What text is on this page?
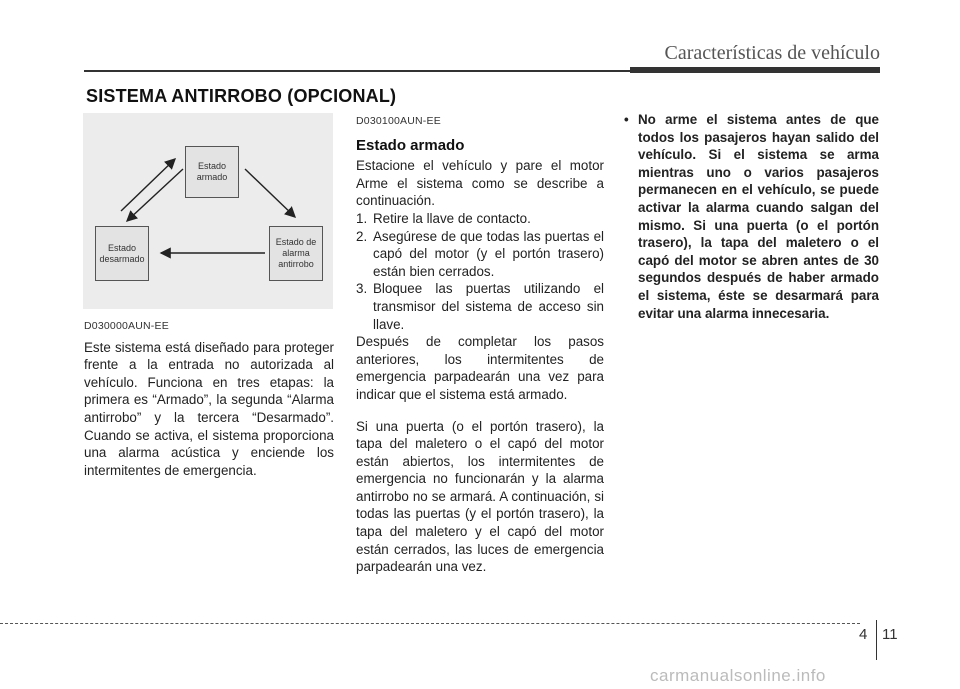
Características de vehículo
SISTEMA ANTIRROBO (OPCIONAL)
Estado armado
Estado desarmado
Estado de alarma antirrobo
D030000AUN-EE

Este sistema está diseñado para proteger frente a la entrada no autorizada al vehículo. Funciona en tres etapas: la primera es “Armado”, la segunda “Alarma antirrobo” y la tercera “Desarmado”. Cuando se activa, el sistema proporciona una alarma acústica y enciende los intermitentes de emergencia.

D030100AUN-EE
Estado armado

Estacione el vehículo y pare el motor Arme el sistema como se describe a continuación.

1. Retire la llave de contacto.
2. Asegúrese de que todas las puertas el capó del motor (y el portón trasero) están bien cerrados.
3. Bloquee las puertas utilizando el transmisor del sistema de acceso sin llave.

Después de completar los pasos anteriores, los intermitentes de emergencia parpadearán una vez para indicar que el sistema está armado.

Si una puerta (o el portón trasero), la tapa del maletero o el capó del motor están abiertos, los intermitentes de emergencia no funcionarán y la alarma antirrobo no se armará. A continuación, si todas las puertas (y el portón trasero), la tapa del maletero y el capó del motor están cerrados, las luces de emergencia parpadearán una vez.

• No arme el sistema antes de que todos los pasajeros hayan salido del vehículo. Si el sistema se arma mientras uno o varios pasajeros permanecen en el vehículo, se puede activar la alarma cuando salgan del mismo. Si una puerta (o el portón trasero), la tapa del maletero o el capó del motor se abren antes de 30 segundos después de haber armado el sistema, éste se desarmará para evitar una alarma innecesaria.
4 11
carmanualsonline.info
